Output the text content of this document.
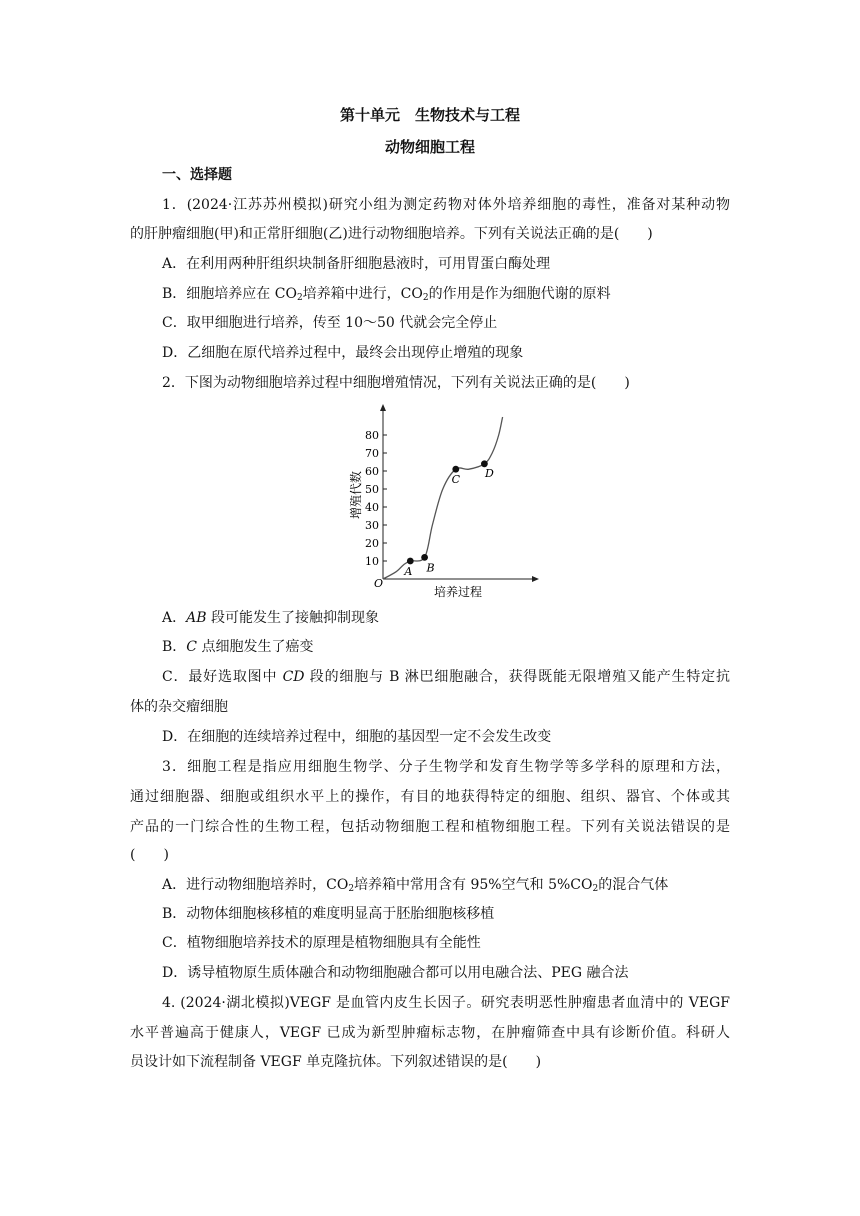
第十单元　生物技术与工程
动物细胞工程
一、选择题
1．(2024·江苏苏州模拟)研究小组为测定药物对体外培养细胞的毒性，准备对某种动物
的肝肿瘤细胞(甲)和正常肝细胞(乙)进行动物细胞培养。下列有关说法正确的是(　　)
A．在利用两种肝组织块制备肝细胞悬液时，可用胃蛋白酶处理
B．细胞培养应在 $CO_2$培养箱中进行，$CO_2$的作用是作为细胞代谢的原料
C．取甲细胞进行培养，传至 10～50 代就会完全停止
D．乙细胞在原代培养过程中，最终会出现停止增殖的现象
2．下图为动物细胞培养过程中细胞增殖情况，下列有关说法正确的是(　　)
10
20
30
40
50
60
70
80
A B
C D
O
培养过程
增殖代数
A．AB 段可能发生了接触抑制现象
B．C 点细胞发生了癌变
C．最好选取图中 CD 段的细胞与 B 淋巴细胞融合，获得既能无限增殖又能产生特定抗
体的杂交瘤细胞
D．在细胞的连续培养过程中，细胞的基因型一定不会发生改变
3．细胞工程是指应用细胞生物学、分子生物学和发育生物学等多学科的原理和方法，
通过细胞器、细胞或组织水平上的操作，有目的地获得特定的细胞、组织、器官、个体或其
产品的一门综合性的生物工程，包括动物细胞工程和植物细胞工程。下列有关说法错误的是
(　　)
A．进行动物细胞培养时，$CO_2$培养箱中常用含有 95%空气和 $5\%CO_2$的混合气体
B．动物体细胞核移植的难度明显高于胚胎细胞核移植
C．植物细胞培养技术的原理是植物细胞具有全能性
D．诱导植物原生质体融合和动物细胞融合都可以用电融合法、PEG 融合法
4. (2024·湖北模拟)VEGF 是血管内皮生长因子。研究表明恶性肿瘤患者血清中的 VEGF
水平普遍高于健康人，VEGF 已成为新型肿瘤标志物，在肿瘤筛查中具有诊断价值。科研人
员设计如下流程制备 VEGF 单克隆抗体。下列叙述错误的是(　　)
